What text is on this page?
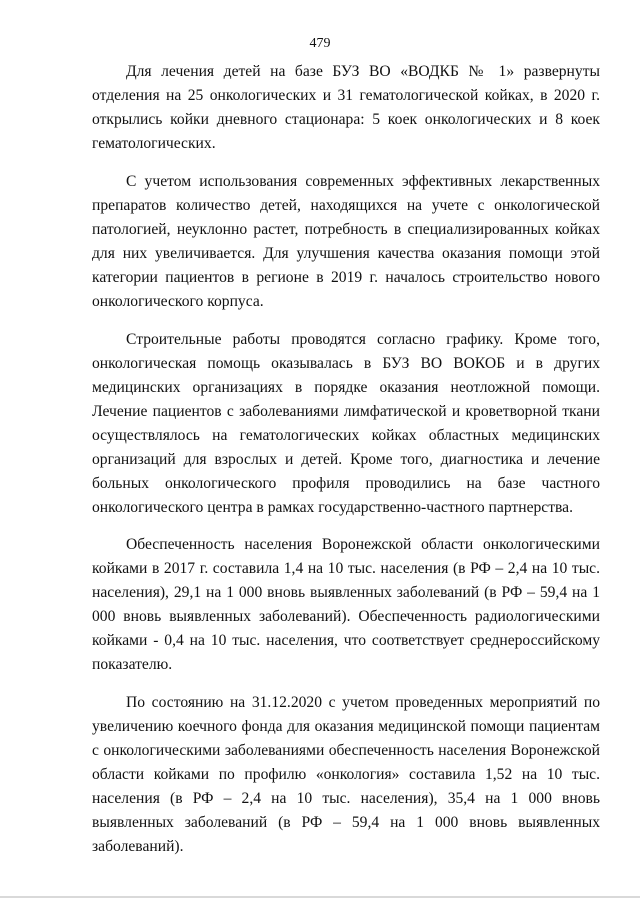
479

Для лечения детей на базе БУЗ ВО «ВОДКБ № 1» развернуты отделения на 25 онкологических и 31 гематологической койках, в 2020 г. открылись койки дневного стационара: 5 коек онкологических и 8 коек гематологических.

С учетом использования современных эффективных лекарственных препаратов количество детей, находящихся на учете с онкологической патологией, неуклонно растет, потребность в специализированных койках для них увеличивается. Для улучшения качества оказания помощи этой категории пациентов в регионе в 2019 г. началось строительство нового онкологического корпуса.

Строительные работы проводятся согласно графику. Кроме того, онкологическая помощь оказывалась в БУЗ ВО ВОКОБ и в других медицинских организациях в порядке оказания неотложной помощи. Лечение пациентов с заболеваниями лимфатической и кроветворной ткани осуществлялось на гематологических койках областных медицинских организаций для взрослых и детей. Кроме того, диагностика и лечение больных онкологического профиля проводились на базе частного онкологического центра в рамках государственно-частного партнерства.

Обеспеченность населения Воронежской области онкологическими койками в 2017 г. составила 1,4 на 10 тыс. населения (в РФ – 2,4 на 10 тыс. населения), 29,1 на 1 000 вновь выявленных заболеваний (в РФ – 59,4 на 1 000 вновь выявленных заболеваний). Обеспеченность радиологическими койками - 0,4 на 10 тыс. населения, что соответствует среднероссийскому показателю.

По состоянию на 31.12.2020 с учетом проведенных мероприятий по увеличению коечного фонда для оказания медицинской помощи пациентам с онкологическими заболеваниями обеспеченность населения Воронежской области койками по профилю «онкология» составила 1,52 на 10 тыс. населения (в РФ – 2,4 на 10 тыс. населения), 35,4 на 1 000 вновь выявленных заболеваний (в РФ – 59,4 на 1 000 вновь выявленных заболеваний).
